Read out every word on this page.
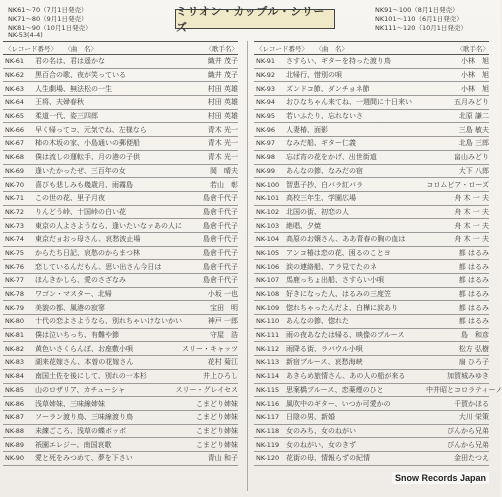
NK61～70（7月1日発売）
NK71～80（9月1日発売）
NK81～90（10月1日発売）
ミリオン・カップル・シリーズ
NK91～100（8月1日発売）
NK101～110（6月1日発売）
NK111～120（10月1日発売）
NK-53(4-4)
〈レコード番号〉	〈曲　名〉	〈歌手名〉
NK-61	君の名は、君は遥かな	織井 茂子
NK-62	黒百合の歌、夜が笑っている	織井 茂子
NK-63	人生劇場、無法松の一生	村田 英雄
NK-64	王将、夫婦春秋	村田 英雄
NK-65	柔道一代、姿三四郎	村田 英雄
NK-66	早く帰ってコ、元気でね、左様なら	青木 光一
NK-67	柿の木坂の家、小島通いの郵便船	青木 光一
NK-68	僕は流しの運転手、月の港の子供	青木 光一
NK-69	逢いたかったぜ、三百年の女	岡　晴夫
NK-70	喜びも悲しみも幾歳月、雨霧島	若山　彰
NK-71	この世の花、里子月夜	島倉千代子
NK-72	りんどう峠、十国峠の白い花	島倉千代子
NK-73	東京の人よさようなら、逢いたいなァあの人に	島倉千代子
NK-74	東京だョおっ母さん、哀愁波止場	島倉千代子
NK-75	からたち日記、哀愁のからまつ林	島倉千代子
NK-76	恋しているんだもん、思い出さん今日は	島倉千代子
NK-77	ほんきかしら、愛のさざなみ	島倉千代子
NK-78	ワゴン・マスター、北帰	小坂 一也
NK-79	美貌の都、風港の寂寥	宝田　明
NK-80	十代の恋よさようなら、別れちゃいけないかい	神戸 一郎
NK-81	僕は泣いちっち、有難や節	守屋　浩
NK-82	黄色いさくらんぼ、お座敷小唄	スリー・キャッツ
NK-83	湖来花嫁さん、本曽の花嫁さん	花村 菊江
NK-84	南国土佐を後にして、別れの一本杉	井上ひろし
NK-85	山のロザリア、カチューシャ	スリー・グレイセス
NK-86	浅草姉妹、三味線姉妹	こまどり姉妹
NK-87	ソーラン渡り鳥、三味線渡り鳥	こまどり姉妹
NK-88	未練ごころ、浅草の蝶ボッポ	こまどり姉妹
NK-89	祇園エレジー、南国哀歌	こまどり姉妹
NK-90	愛と死をみつめて、夢を下さい	青山 和子
〈レコード番号〉	〈曲　名〉	〈歌手名〉
NK-91	さすらい、ギターを持った渡り鳥	小林　旭
NK-92	北帰行、惜別の唄	小林　旭
NK-93	ズンドコ節、ダンチョネ節	小林　旭
NK-94	おひなちゃん来てね、一週間に十日来い	五月みどり
NK-95	若いふたり、忘れないさ	北原 謙二
NK-96	人妻椿、面影	三島 敏夫
NK-97	なみだ船、ギター仁義	北島 三郎
NK-98	忘ば宵の花をかげ、出世街道	畠山みどり
NK-99	あんなの節、なみだの宿	大下 八郎
NK-100 智恵子抄、白バラ紅バラ	コロムビア・ローズ
NK-101 高校三年生、学園広場	舟 木 一 夫
NK-102 北国の街、初恋の人	舟 木 一 夫
NK-103 絶唱、夕焼	舟 木 一 夫
NK-104 高原のお嬢さん、ああ青春の胸の血は	舟 木 一 夫
NK-105 アンコ椿は恋の花、困るのことヨ	都 はるみ
NK-106 涙の連絡船、アラ見てたのネ	都 はるみ
NK-107 馬鹿っちょ出船、さすらい小唄	都 はるみ
NK-108 好きになった人、はるみの三度笠	都 はるみ
NK-109 惚れちゃったんだよ、白樺に涙あり	都 はるみ
NK-110 あんなの節、惚れた	都 はるみ
NK-111 雨の夜あなたは帰る、映像のブルース	島　和彦
NK-112 雨降る街、ラバウル小唄	松方 弘樹
NK-113 新宿ブルース、哀愁海峡	扇 ひろ子
NK-114 あきらめ旅情さん、あの人の船が来る	加賀城みゆき
NK-115 思案橋ブルース、恋薬煙のひと	中井昭とコロラティーノ
NK-116 風吹中のギター、いつか可愛かの	千賀かほる
NK-117 日陰の男、新婚	大川 栄策
NK-118 女のみち、女のねがい	ぴんから兄弟
NK-119 女のねがい、女のきず	ぴんから兄弟
NK-120 花街の母、情報らずの紀情	金田たつえ
Snow Records Japan
